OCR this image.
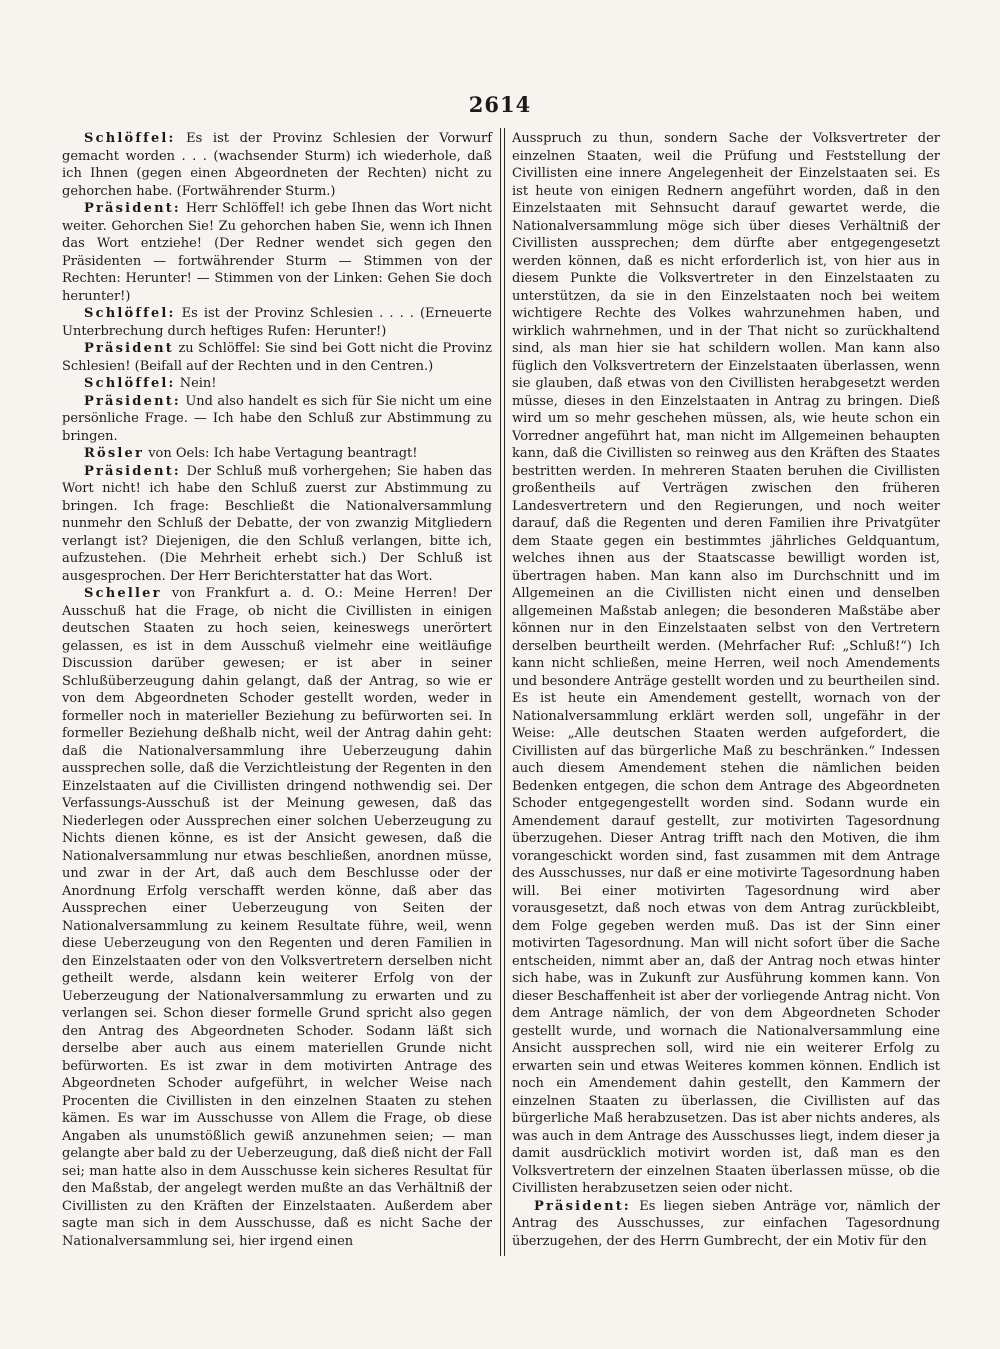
2614

Schlöffel: Es ist der Provinz Schlesien der Vorwurf gemacht worden . . . (wachsender Sturm) ich wiederhole, daß ich Ihnen (gegen einen Abgeordneten der Rechten) nicht zu gehorchen habe. (Fortwährender Sturm.)

Präsident: Herr Schlöffel! ich gebe Ihnen das Wort nicht weiter. Gehorchen Sie! Zu gehorchen haben Sie, wenn ich Ihnen das Wort entziehe! (Der Redner wendet sich gegen den Präsidenten — fortwährender Sturm — Stimmen von der Rechten: Herunter! — Stimmen von der Linken: Gehen Sie doch herunter!)

Schlöffel: Es ist der Provinz Schlesien . . . . (Erneuerte Unterbrechung durch heftiges Rufen: Herunter!)

Präsident zu Schlöffel: Sie sind bei Gott nicht die Provinz Schlesien! (Beifall auf der Rechten und in den Centren.)

Schlöffel: Nein!

Präsident: Und also handelt es sich für Sie nicht um eine persönliche Frage. — Ich habe den Schluß zur Abstimmung zu bringen.

Rösler von Oels: Ich habe Vertagung beantragt!

Präsident: Der Schluß muß vorhergehen; Sie haben das Wort nicht! ich habe den Schluß zuerst zur Abstimmung zu bringen. Ich frage: Beschließt die Nationalversammlung nunmehr den Schluß der Debatte, der von zwanzig Mitgliedern verlangt ist? Diejenigen, die den Schluß verlangen, bitte ich, aufzustehen. (Die Mehrheit erhebt sich.) Der Schluß ist ausgesprochen. Der Herr Berichterstatter hat das Wort.

Scheller von Frankfurt a. d. O.: Meine Herren! Der Ausschuß hat die Frage, ob nicht die Civillisten in einigen deutschen Staaten zu hoch seien, keineswegs unerörtert gelassen, es ist in dem Ausschuß vielmehr eine weitläufige Discussion darüber gewesen; er ist aber in seiner Schlußüberzeugung dahin gelangt, daß der Antrag, so wie er von dem Abgeordneten Schoder gestellt worden, weder in formeller noch in materieller Beziehung zu befürworten sei. In formeller Beziehung deßhalb nicht, weil der Antrag dahin geht: daß die Nationalversammlung ihre Ueberzeugung dahin aussprechen solle, daß die Verzichtleistung der Regenten in den Einzelstaaten auf die Civillisten dringend nothwendig sei. Der Verfassungs-Ausschuß ist der Meinung gewesen, daß das Niederlegen oder Aussprechen einer solchen Ueberzeugung zu Nichts dienen könne, es ist der Ansicht gewesen, daß die Nationalversammlung nur etwas beschließen, anordnen müsse, und zwar in der Art, daß auch dem Beschlusse oder der Anordnung Erfolg verschafft werden könne, daß aber das Aussprechen einer Ueberzeugung von Seiten der Nationalversammlung zu keinem Resultate führe, weil, wenn diese Ueberzeugung von den Regenten und deren Familien in den Einzelstaaten oder von den Volksvertretern derselben nicht getheilt werde, alsdann kein weiterer Erfolg von der Ueberzeugung der Nationalversammlung zu erwarten und zu verlangen sei. Schon dieser formelle Grund spricht also gegen den Antrag des Abgeordneten Schoder. Sodann läßt sich derselbe aber auch aus einem materiellen Grunde nicht befürworten. Es ist zwar in dem motivirten Antrage des Abgeordneten Schoder aufgeführt, in welcher Weise nach Procenten die Civillisten in den einzelnen Staaten zu stehen kämen. Es war im Ausschusse von Allem die Frage, ob diese Angaben als unumstößlich gewiß anzunehmen seien; — man gelangte aber bald zu der Ueberzeugung, daß dieß nicht der Fall sei; man hatte also in dem Ausschusse kein sicheres Resultat für den Maßstab, der angelegt werden mußte an das Verhältniß der Civillisten zu den Kräften der Einzelstaaten. Außerdem aber sagte man sich in dem Ausschusse, daß es nicht Sache der Nationalversammlung sei, hier irgend einen

Ausspruch zu thun, sondern Sache der Volksvertreter der einzelnen Staaten, weil die Prüfung und Feststellung der Civillisten eine innere Angelegenheit der Einzelstaaten sei. Es ist heute von einigen Rednern angeführt worden, daß in den Einzelstaaten mit Sehnsucht darauf gewartet werde, die Nationalversammlung möge sich über dieses Verhältniß der Civillisten aussprechen; dem dürfte aber entgegengesetzt werden können, daß es nicht erforderlich ist, von hier aus in diesem Punkte die Volksvertreter in den Einzelstaaten zu unterstützen, da sie in den Einzelstaaten noch bei weitem wichtigere Rechte des Volkes wahrzunehmen haben, und wirklich wahrnehmen, und in der That nicht so zurückhaltend sind, als man hier sie hat schildern wollen. Man kann also füglich den Volksvertretern der Einzelstaaten überlassen, wenn sie glauben, daß etwas von den Civillisten herabgesetzt werden müsse, dieses in den Einzelstaaten in Antrag zu bringen. Dieß wird um so mehr geschehen müssen, als, wie heute schon ein Vorredner angeführt hat, man nicht im Allgemeinen behaupten kann, daß die Civillisten so reinweg aus den Kräften des Staates bestritten werden. In mehreren Staaten beruhen die Civillisten großentheils auf Verträgen zwischen den früheren Landesvertretern und den Regierungen, und noch weiter darauf, daß die Regenten und deren Familien ihre Privatgüter dem Staate gegen ein bestimmtes jährliches Geldquantum, welches ihnen aus der Staatscasse bewilligt worden ist, übertragen haben. Man kann also im Durchschnitt und im Allgemeinen an die Civillisten nicht einen und denselben allgemeinen Maßstab anlegen; die besonderen Maßstäbe aber können nur in den Einzelstaaten selbst von den Vertretern derselben beurtheilt werden. (Mehrfacher Ruf: „Schluß!“) Ich kann nicht schließen, meine Herren, weil noch Amendements und besondere Anträge gestellt worden und zu beurtheilen sind. Es ist heute ein Amendement gestellt, wornach von der Nationalversammlung erklärt werden soll, ungefähr in der Weise: „Alle deutschen Staaten werden aufgefordert, die Civillisten auf das bürgerliche Maß zu beschränken.“ Indessen auch diesem Amendement stehen die nämlichen beiden Bedenken entgegen, die schon dem Antrage des Abgeordneten Schoder entgegengestellt worden sind. Sodann wurde ein Amendement darauf gestellt, zur motivirten Tagesordnung überzugehen. Dieser Antrag trifft nach den Motiven, die ihm vorangeschickt worden sind, fast zusammen mit dem Antrage des Ausschusses, nur daß er eine motivirte Tagesordnung haben will. Bei einer motivirten Tagesordnung wird aber vorausgesetzt, daß noch etwas von dem Antrag zurückbleibt, dem Folge gegeben werden muß. Das ist der Sinn einer motivirten Tagesordnung. Man will nicht sofort über die Sache entscheiden, nimmt aber an, daß der Antrag noch etwas hinter sich habe, was in Zukunft zur Ausführung kommen kann. Von dieser Beschaffenheit ist aber der vorliegende Antrag nicht. Von dem Antrage nämlich, der von dem Abgeordneten Schoder gestellt wurde, und wornach die Nationalversammlung eine Ansicht aussprechen soll, wird nie ein weiterer Erfolg zu erwarten sein und etwas Weiteres kommen können. Endlich ist noch ein Amendement dahin gestellt, den Kammern der einzelnen Staaten zu überlassen, die Civillisten auf das bürgerliche Maß herabzusetzen. Das ist aber nichts anderes, als was auch in dem Antrage des Ausschusses liegt, indem dieser ja damit ausdrücklich motivirt worden ist, daß man es den Volksvertretern der einzelnen Staaten überlassen müsse, ob die Civillisten herabzusetzen seien oder nicht.

Präsident: Es liegen sieben Anträge vor, nämlich der Antrag des Ausschusses, zur einfachen Tagesordnung überzugehen, der des Herrn Gumbrecht, der ein Motiv für den
